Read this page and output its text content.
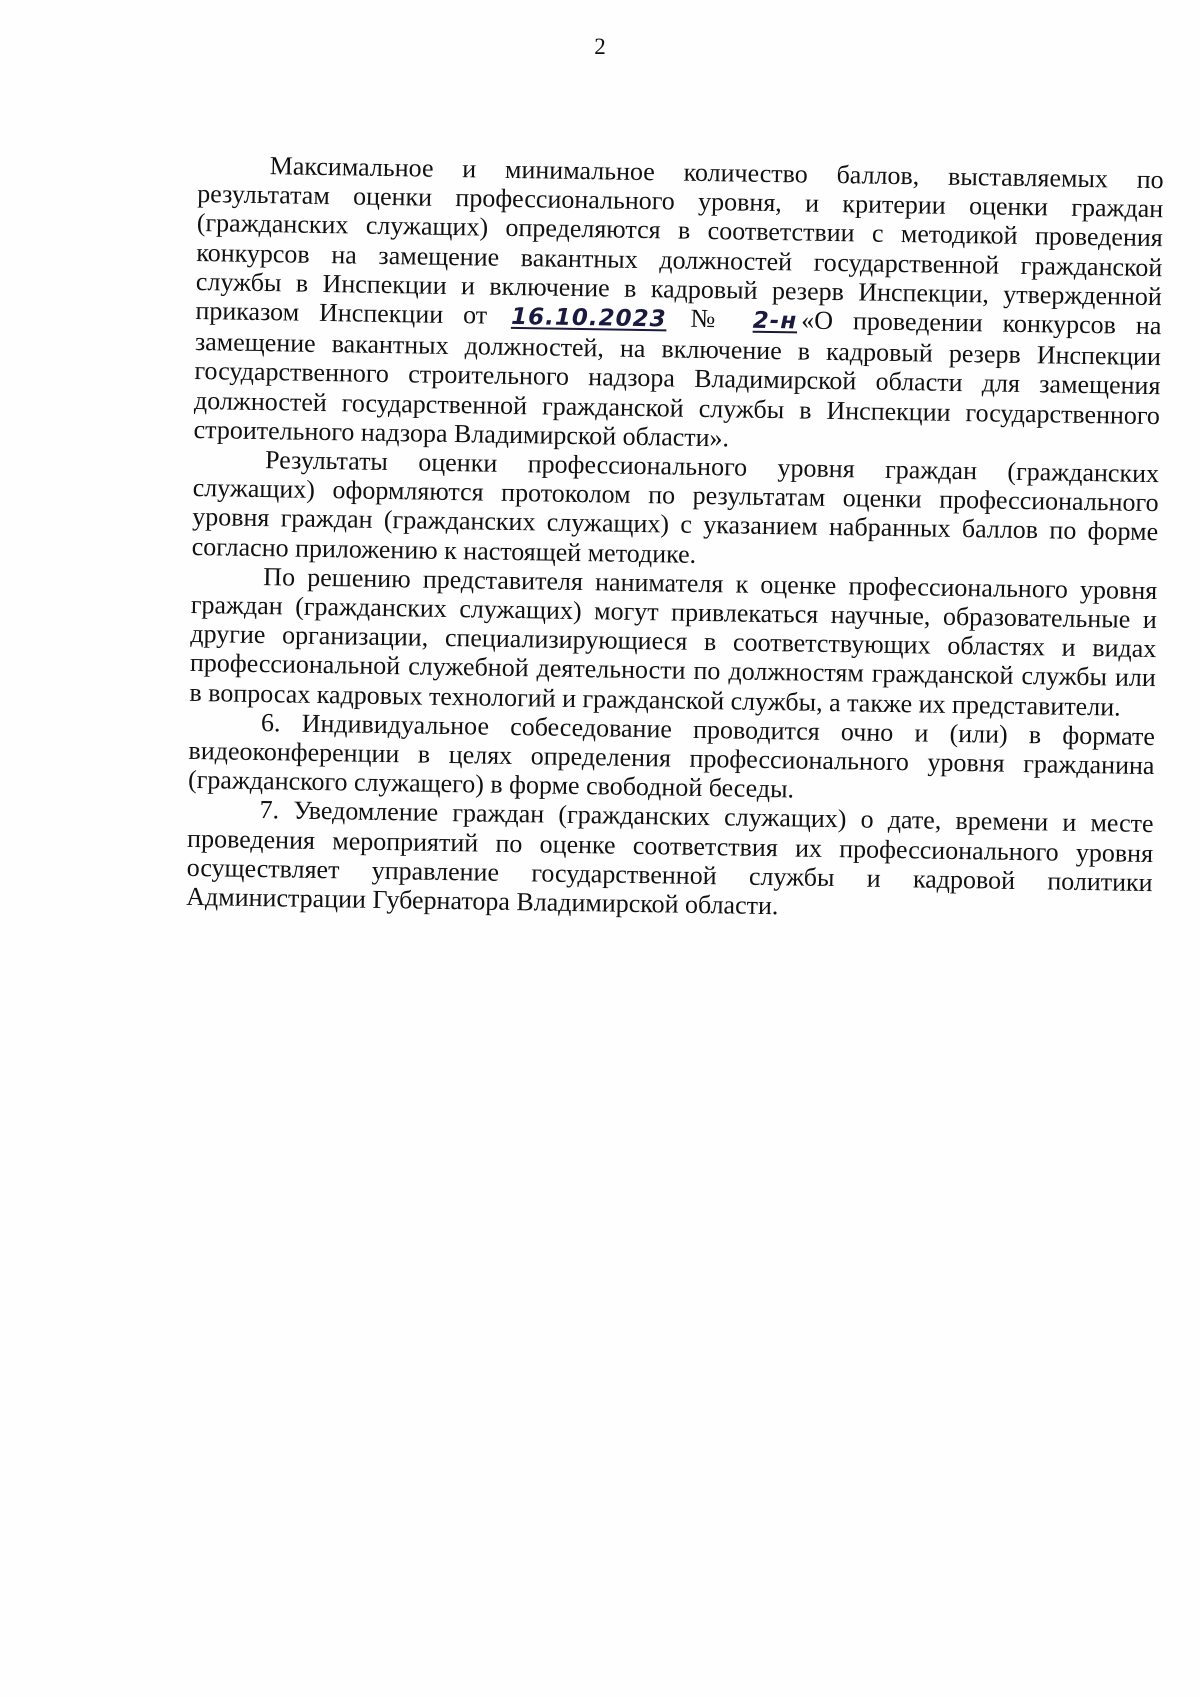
2

Максимальное и минимальное количество баллов, выставляемых по результатам оценки профессионального уровня, и критерии оценки граждан (гражданских служащих) определяются в соответствии с методикой проведения конкурсов на замещение вакантных должностей государственной гражданской службы в Инспекции и включение в кадровый резерв Инспекции, утвержденной приказом Инспекции от 16.10.2023 № 2-н «О проведении конкурсов на замещение вакантных должностей, на включение в кадровый резерв Инспекции государственного строительного надзора Владимирской области для замещения должностей государственной гражданской службы в Инспекции государственного строительного надзора Владимирской области».

Результаты оценки профессионального уровня граждан (гражданских служащих) оформляются протоколом по результатам оценки профессионального уровня граждан (гражданских служащих) с указанием набранных баллов по форме согласно приложению к настоящей методике.

По решению представителя нанимателя к оценке профессионального уровня граждан (гражданских служащих) могут привлекаться научные, образовательные и другие организации, специализирующиеся в соответствующих областях и видах профессиональной служебной деятельности по должностям гражданской службы или в вопросах кадровых технологий и гражданской службы, а также их представители.

6. Индивидуальное собеседование проводится очно и (или) в формате видеоконференции в целях определения профессионального уровня гражданина (гражданского служащего) в форме свободной беседы.

7. Уведомление граждан (гражданских служащих) о дате, времени и месте проведения мероприятий по оценке соответствия их профессионального уровня осуществляет управление государственной службы и кадровой политики Администрации Губернатора Владимирской области.
